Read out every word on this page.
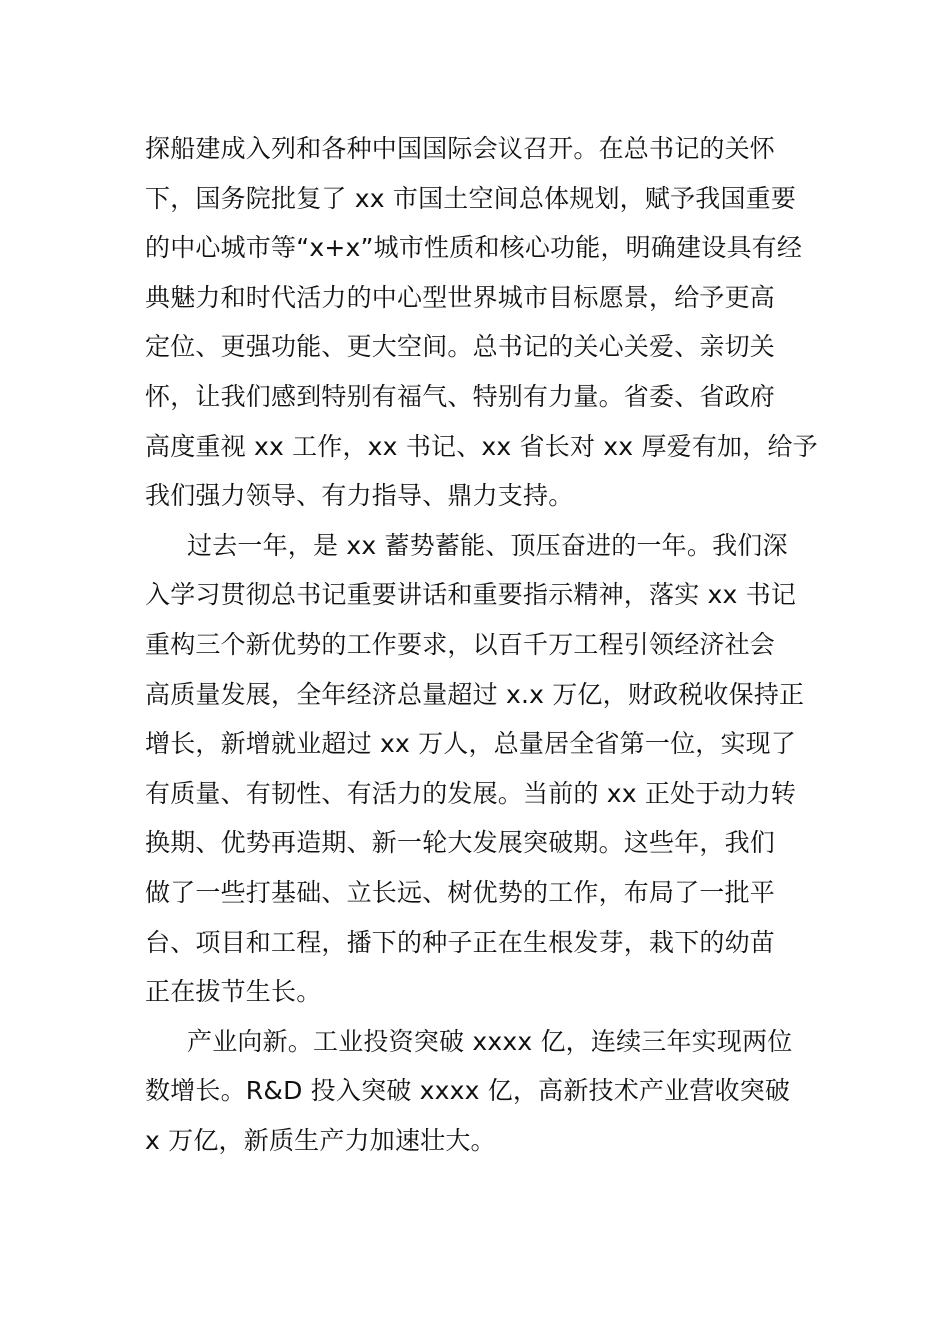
探船建成入列和各种中国国际会议召开。在总书记的关怀
下，国务院批复了 xx 市国土空间总体规划，赋予我国重要
的中心城市等“x+x”城市性质和核心功能，明确建设具有经
典魅力和时代活力的中心型世界城市目标愿景，给予更高
定位、更强功能、更大空间。总书记的关心关爱、亲切关
怀，让我们感到特别有福气、特别有力量。省委、省政府
高度重视 xx 工作，xx 书记、xx 省长对 xx 厚爱有加，给予
我们强力领导、有力指导、鼎力支持。
过去一年，是 xx 蓄势蓄能、顶压奋进的一年。我们深
入学习贯彻总书记重要讲话和重要指示精神，落实 xx 书记
重构三个新优势的工作要求，以百千万工程引领经济社会
高质量发展，全年经济总量超过 x.x 万亿，财政税收保持正
增长，新增就业超过 xx 万人，总量居全省第一位，实现了
有质量、有韧性、有活力的发展。当前的 xx 正处于动力转
换期、优势再造期、新一轮大发展突破期。这些年，我们
做了一些打基础、立长远、树优势的工作，布局了一批平
台、项目和工程，播下的种子正在生根发芽，栽下的幼苗
正在拔节生长。
产业向新。工业投资突破 xxxx 亿，连续三年实现两位
数增长。R&D 投入突破 xxxx 亿，高新技术产业营收突破
x 万亿，新质生产力加速壮大。
